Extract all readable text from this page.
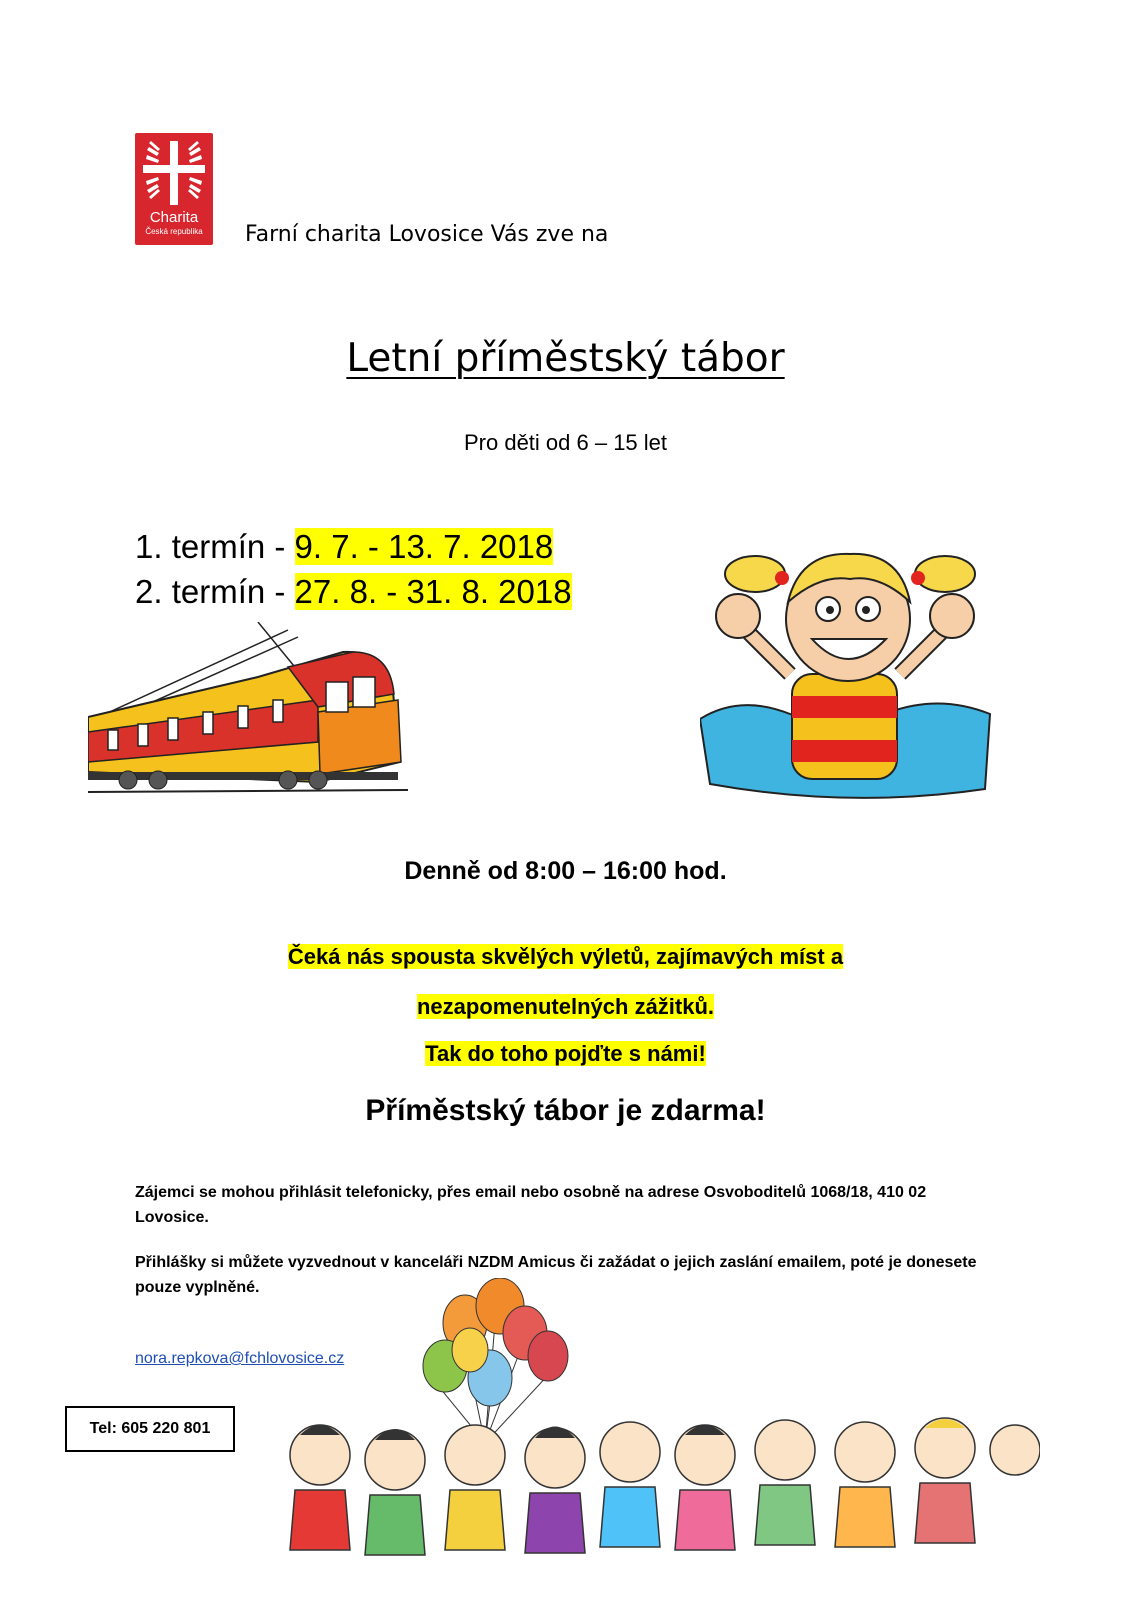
Charita
Česká republika	Farní charita Lovosice Vás zve na
Letní příměstský tábor
Pro děti od 6 – 15 let
1. termín - 9. 7. - 13. 7. 2018
2. termín - 27. 8. - 31. 8. 2018
Denně od 8:00 – 16:00 hod.
Čeká nás spousta skvělých výletů, zajímavých míst a
nezapomenutelných zážitků.
Tak do toho pojďte s námi!
Příměstský tábor je zdarma!
Zájemci se mohou přihlásit telefonicky, přes email nebo osobně na adrese Osvoboditelů 1068/18, 410 02 Lovosice.
Přihlášky si můžete vyzvednout v kanceláři NZDM Amicus či zažádat o jejich zaslání emailem, poté je donesete pouze vyplněné.
nora.repkova@fchlovosice.cz
Tel: 605 220 801
